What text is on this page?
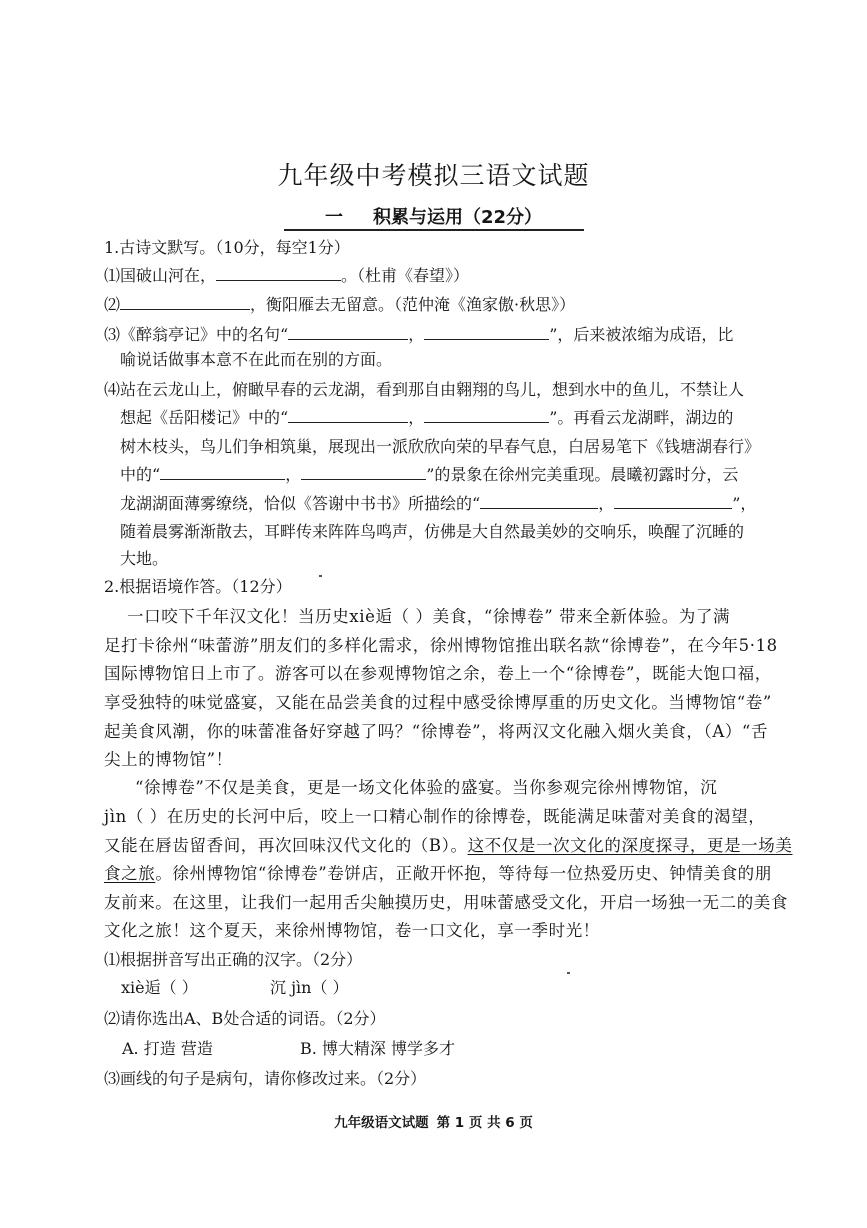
九年级中考模拟三语文试题
一 积累与运用（22分）
1.古诗文默写。（10分，每空1分）
⑴国破山河在，	。（杜甫《春望》）
⑵	，衡阳雁去无留意。（范仲淹《渔家傲·秋思》）
⑶《醉翁亭记》中的名句“	，	”，后来被浓缩为成语，比
喻说话做事本意不在此而在别的方面。
⑷站在云龙山上，俯瞰早春的云龙湖，看到那自由翱翔的鸟儿，想到水中的鱼儿，不禁让人
想起《岳阳楼记》中的“	，	”。再看云龙湖畔，湖边的
树木枝头，鸟儿们争相筑巢，展现出一派欣欣向荣的早春气息，白居易笔下《钱塘湖春行》
中的“	，	”的景象在徐州完美重现。晨曦初露时分，云
龙湖湖面薄雾缭绕，恰似《答谢中书书》所描绘的“	，	”，
随着晨雾渐渐散去，耳畔传来阵阵鸟鸣声，仿佛是大自然最美妙的交响乐，唤醒了沉睡的
大地。
2.根据语境作答。（12分）
一口咬下千年汉文化！当历史xiè逅（ ）美食，“徐博卷” 带来全新体验。为了满
足打卡徐州“味蕾游”朋友们的多样化需求，徐州博物馆推出联名款“徐博卷”，在今年5·18
国际博物馆日上市了。游客可以在参观博物馆之余，卷上一个“徐博卷”，既能大饱口福，
享受独特的味觉盛宴，又能在品尝美食的过程中感受徐博厚重的历史文化。当博物馆“卷”
起美食风潮，你的味蕾准备好穿越了吗？“徐博卷”，将两汉文化融入烟火美食，（A）“舌
尖上的博物馆”！
“徐博卷”不仅是美食，更是一场文化体验的盛宴。当你参观完徐州博物馆，沉
jìn（ ）在历史的长河中后，咬上一口精心制作的徐博卷，既能满足味蕾对美食的渴望，
又能在唇齿留香间，再次回味汉代文化的（B）。这不仅是一次文化的深度探寻，更是一场美
食之旅。徐州博物馆“徐博卷”卷饼店，正敞开怀抱，等待每一位热爱历史、钟情美食的朋
友前来。在这里，让我们一起用舌尖触摸历史，用味蕾感受文化，开启一场独一无二的美食
文化之旅！这个夏天，来徐州博物馆，卷一口文化，享一季时光！
⑴根据拼音写出正确的汉字。（2分）
xiè逅（ ）	沉 jìn（ ）
⑵请你选出A、B处合适的词语。（2分）
A. 打造 营造	B. 博大精深 博学多才
⑶画线的句子是病句，请你修改过来。（2分）
九年级语文试题 第 1 页 共 6 页
